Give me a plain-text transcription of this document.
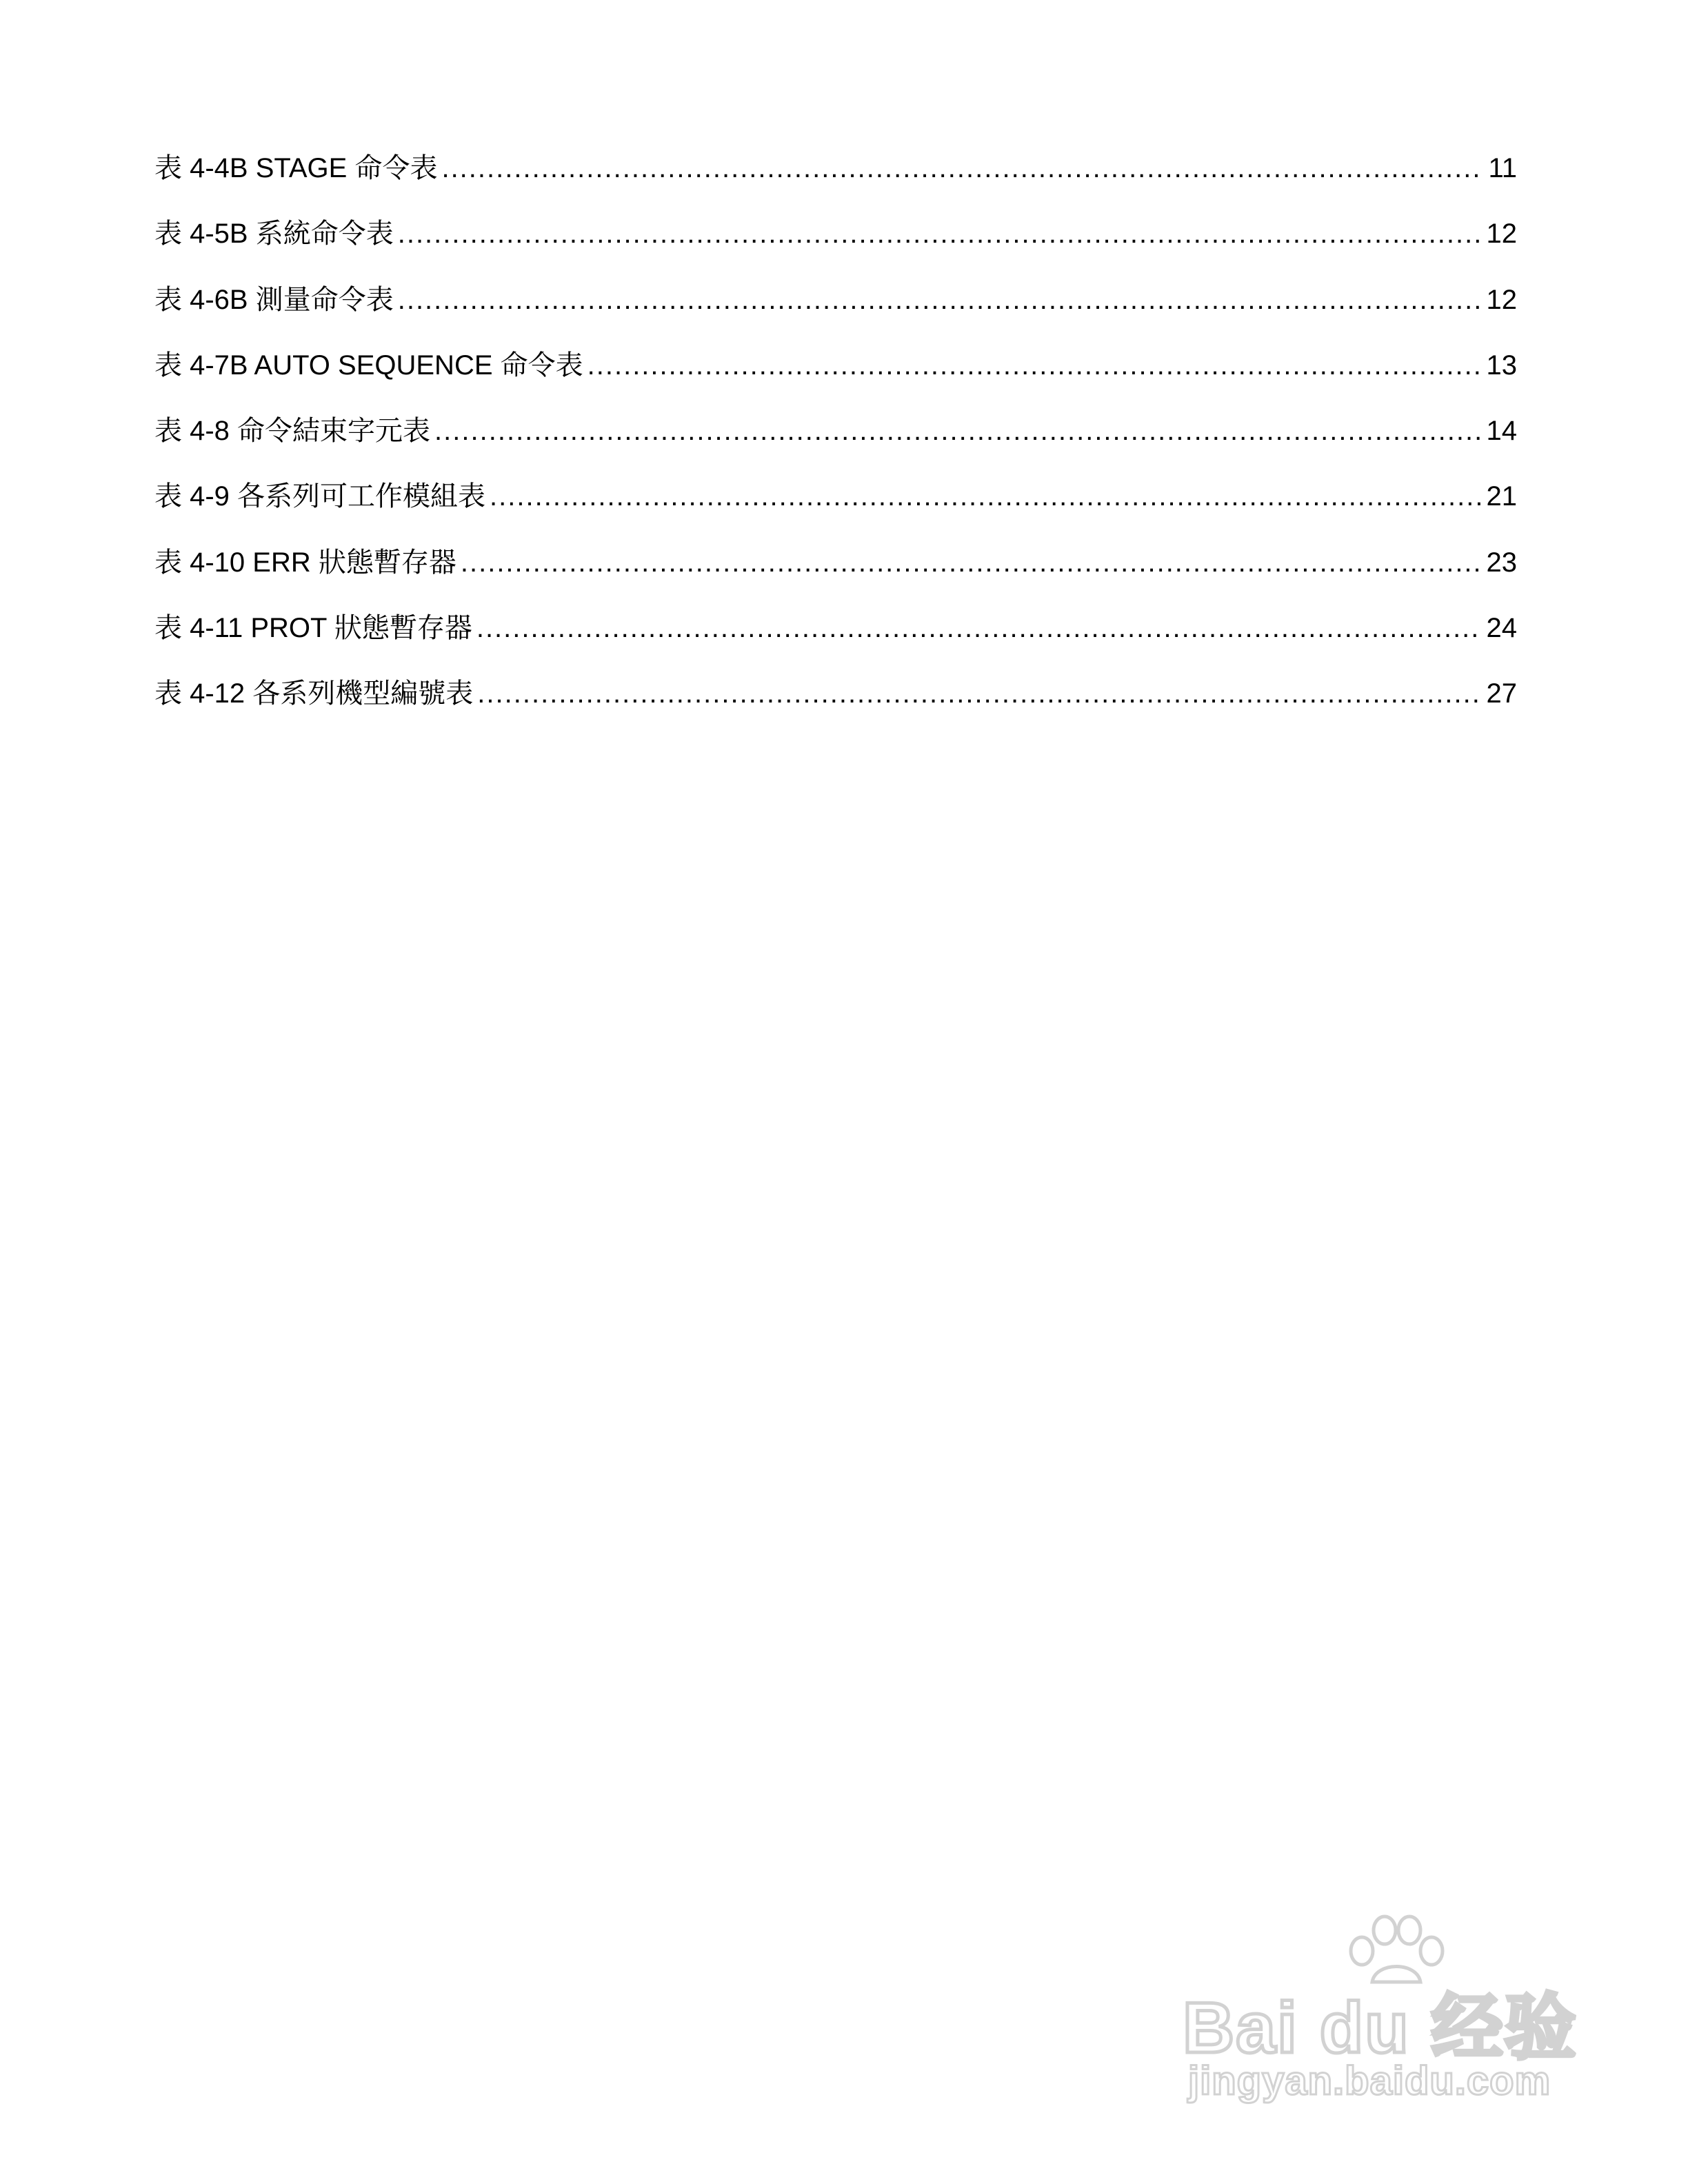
表 4-4B STAGE 命令表 .....	11
表 4-5B 系統命令表 .....	12
表 4-6B 測量命令表 .....	12
表 4-7B AUTO SEQUENCE 命令表 .....	13
表 4-8 命令結束字元表 .....	14
表 4-9 各系列可工作模組表 .....	21
表 4-10 ERR 狀態暫存器 .....	23
表 4-11 PROT 狀態暫存器 .....	24
表 4-12 各系列機型編號表 .....	27
Bai du 经验
jingyan.baidu.com
